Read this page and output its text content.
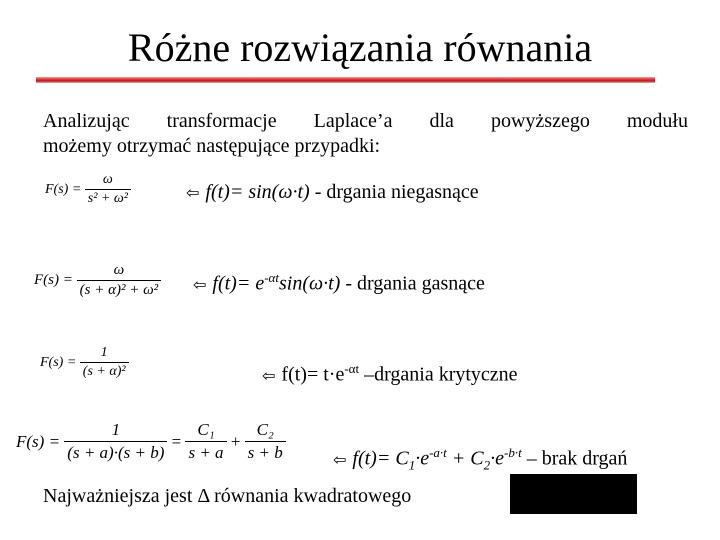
Różne rozwiązania równania
Analizując transformacje Laplace’a dla powyższego modułu
możemy otrzymać następujące przypadki:
$F(s) = \frac{\omega}{\text{s² + ω²}}$	⇦ f(t)= sin(ω·t) - drgania niegasnące
$F(s) = \frac{\omega}{\text{(s + α)² + ω²}}$ ⇦ $f(t)= e^{-\alpha t}\sin(\omega\cdot t)$ - drgania gasnące
$F(s) = \frac{1}{\text{(s + α)²}}$	⇦ $f(t)= t\cdot e^{-\alpha t}$ –drgania krytyczne
$F(s) = \frac{1}{(s + a)\cdot(s + b)} = \frac{\text{C₁}}{s + a} + \frac{\text{C₂}}{s + b}$	⇦ $f(t)= C_1\cdot e^{-a\cdot t} + C_2\cdot e^{-b\cdot t}$ – brak drgań
Najważniejsza jest Δ równania kwadratowego
